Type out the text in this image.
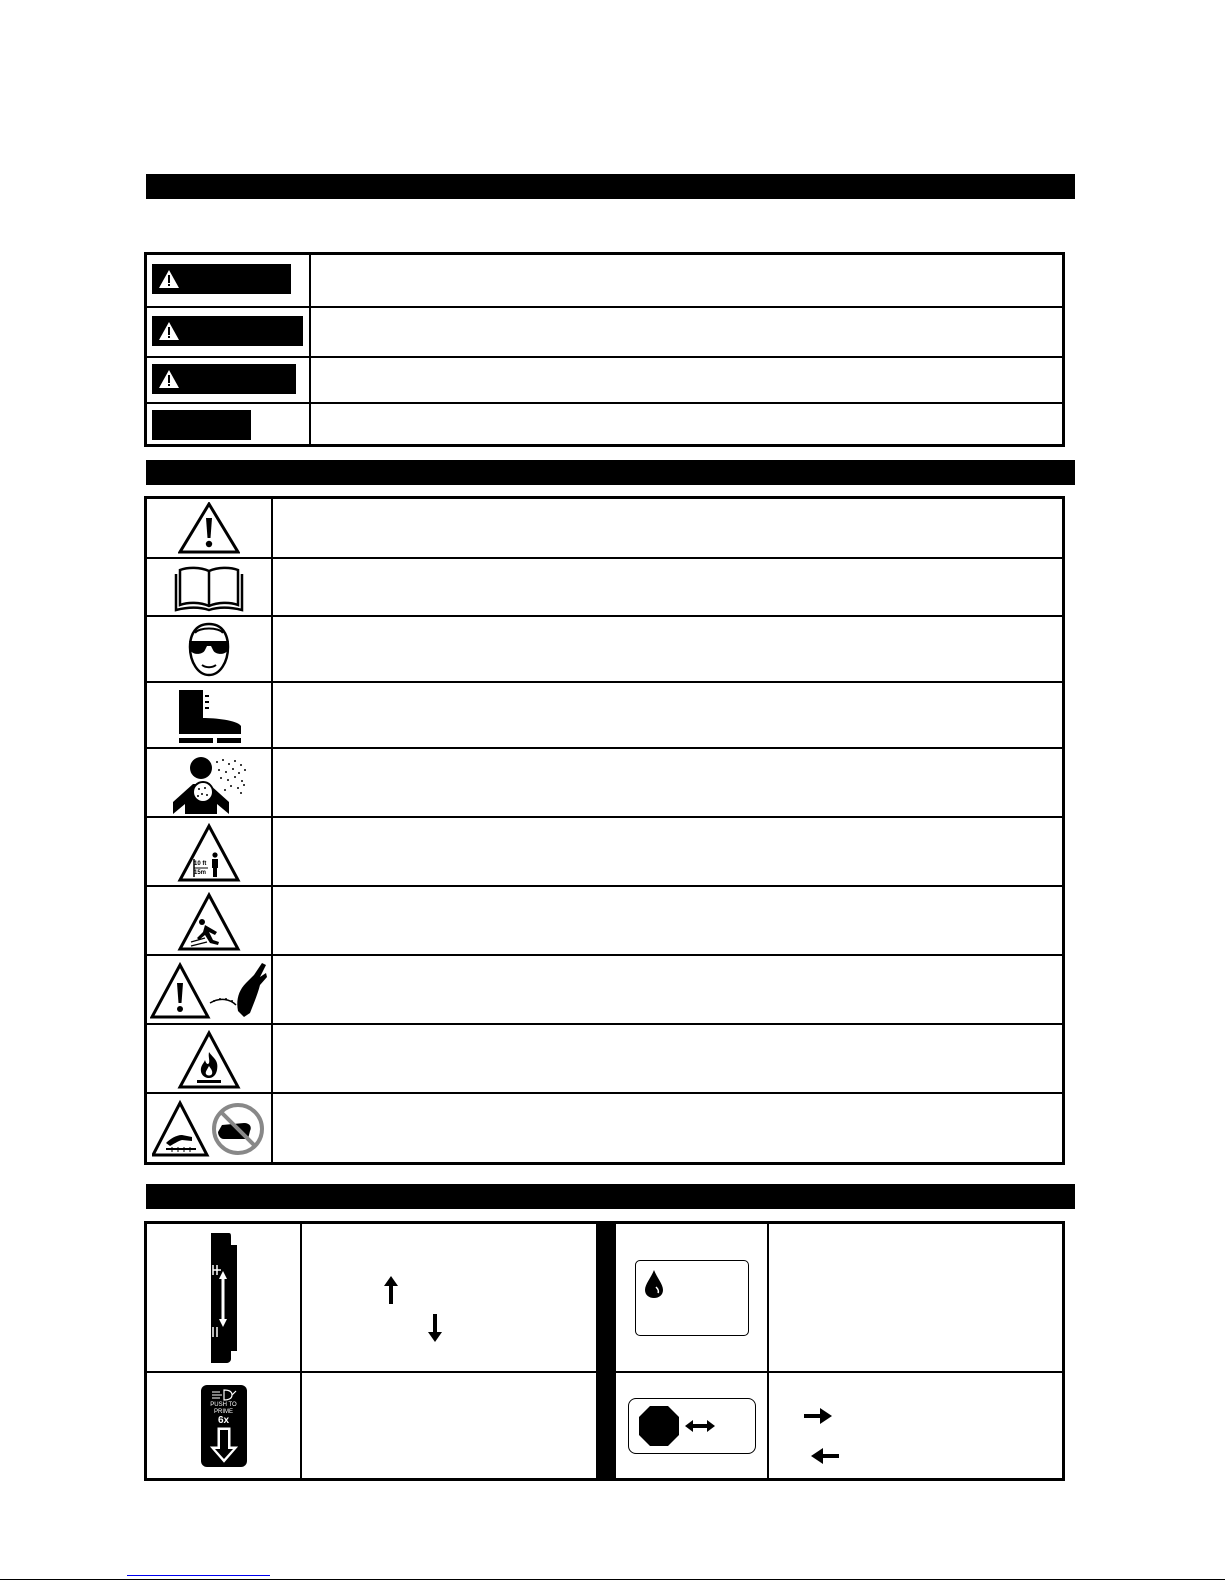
10 ft
15m
PUSH TO
PRIME
6x
